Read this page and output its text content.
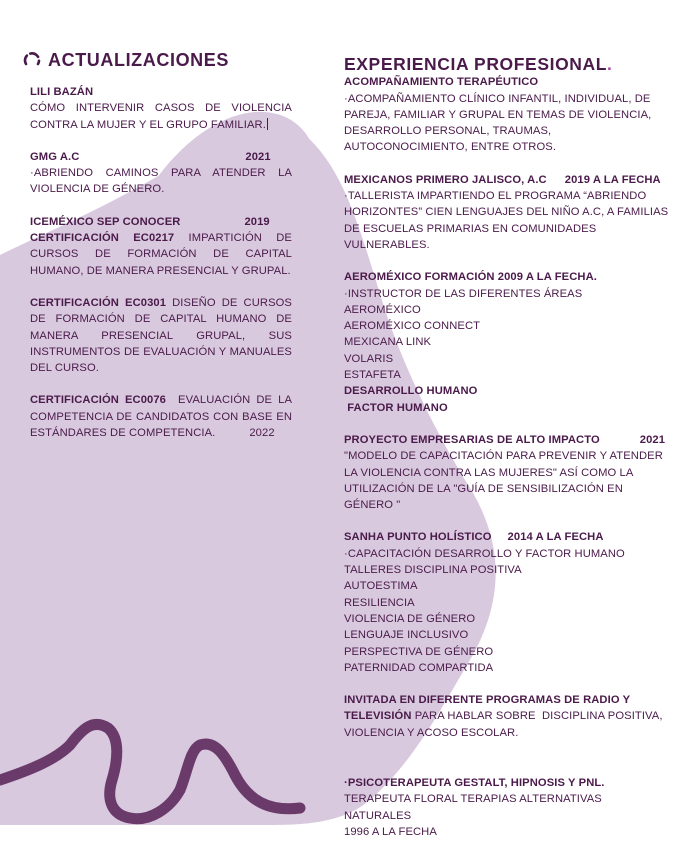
ACTUALIZACIONES
LILI BAZÁN
CÓMO INTERVENIR CASOS DE VIOLENCIA CONTRA LA MUJER Y EL GRUPO FAMILIAR.
GMG A.C	2021
·ABRIENDO CAMINOS PARA ATENDER LA VIOLENCIA DE GÉNERO.
ICEMÉXICO SEP CONOCER	2019
CERTIFICACIÓN EC0217 IMPARTICIÓN DE CURSOS DE FORMACIÓN DE CAPITAL HUMANO, DE MANERA PRESENCIAL Y GRUPAL.
CERTIFICACIÓN EC0301 DISEÑO DE CURSOS DE FORMACIÓN DE CAPITAL HUMANO DE MANERA PRESENCIAL GRUPAL, SUS INSTRUMENTOS DE EVALUACIÓN Y MANUALES DEL CURSO.
CERTIFICACIÓN EC0076  EVALUACIÓN DE LA COMPETENCIA DE CANDIDATOS CON BASE EN ESTÁNDARES DE COMPETENCIA.	2022
EXPERIENCIA PROFESIONAL.
ACOMPAÑAMIENTO TERAPÉUTICO
·ACOMPAÑAMIENTO CLÍNICO INFANTIL, INDIVIDUAL, DE PAREJA, FAMILIAR Y GRUPAL EN TEMAS DE VIOLENCIA, DESARROLLO PERSONAL, TRAUMAS, AUTOCONOCIMIENTO, ENTRE OTROS.
MEXICANOS PRIMERO JALISCO, A.C 2019 A LA FECHA
·TALLERISTA IMPARTIENDO EL PROGRAMA “ABRIENDO HORIZONTES” CIEN LENGUAJES DEL NIÑO A.C, A FAMILIAS DE ESCUELAS PRIMARIAS EN COMUNIDADES VULNERABLES.
AEROMÉXICO FORMACIÓN 2009 A LA FECHA.
·INSTRUCTOR DE LAS DIFERENTES ÁREAS
AEROMÉXICO
AEROMÉXICO CONNECT
MEXICANA LINK
VOLARIS
ESTAFETA
DESARROLLO HUMANO
FACTOR HUMANO
PROYECTO EMPRESARIAS DE ALTO IMPACTO	2021
"MODELO DE CAPACITACIÓN PARA PREVENIR Y ATENDER LA VIOLENCIA CONTRA LAS MUJERES" ASÍ COMO LA UTILIZACIÓN DE LA "GUÍA DE SENSIBILIZACIÓN EN GÉNERO "
SANHA PUNTO HOLÍSTICO 2014 A LA FECHA
·CAPACITACIÓN DESARROLLO Y FACTOR HUMANO
TALLERES DISCIPLINA POSITIVA
AUTOESTIMA
RESILIENCIA
VIOLENCIA DE GÉNERO
LENGUAJE INCLUSIVO
PERSPECTIVA DE GÉNERO
PATERNIDAD COMPARTIDA
INVITADA EN DIFERENTE PROGRAMAS DE RADIO Y TELEVISIÓN PARA HABLAR SOBRE  DISCIPLINA POSITIVA, VIOLENCIA Y ACOSO ESCOLAR.
·PSICOTERAPEUTA GESTALT, HIPNOSIS Y PNL.
TERAPEUTA FLORAL TERAPIAS ALTERNATIVAS NATURALES
1996 A LA FECHA
